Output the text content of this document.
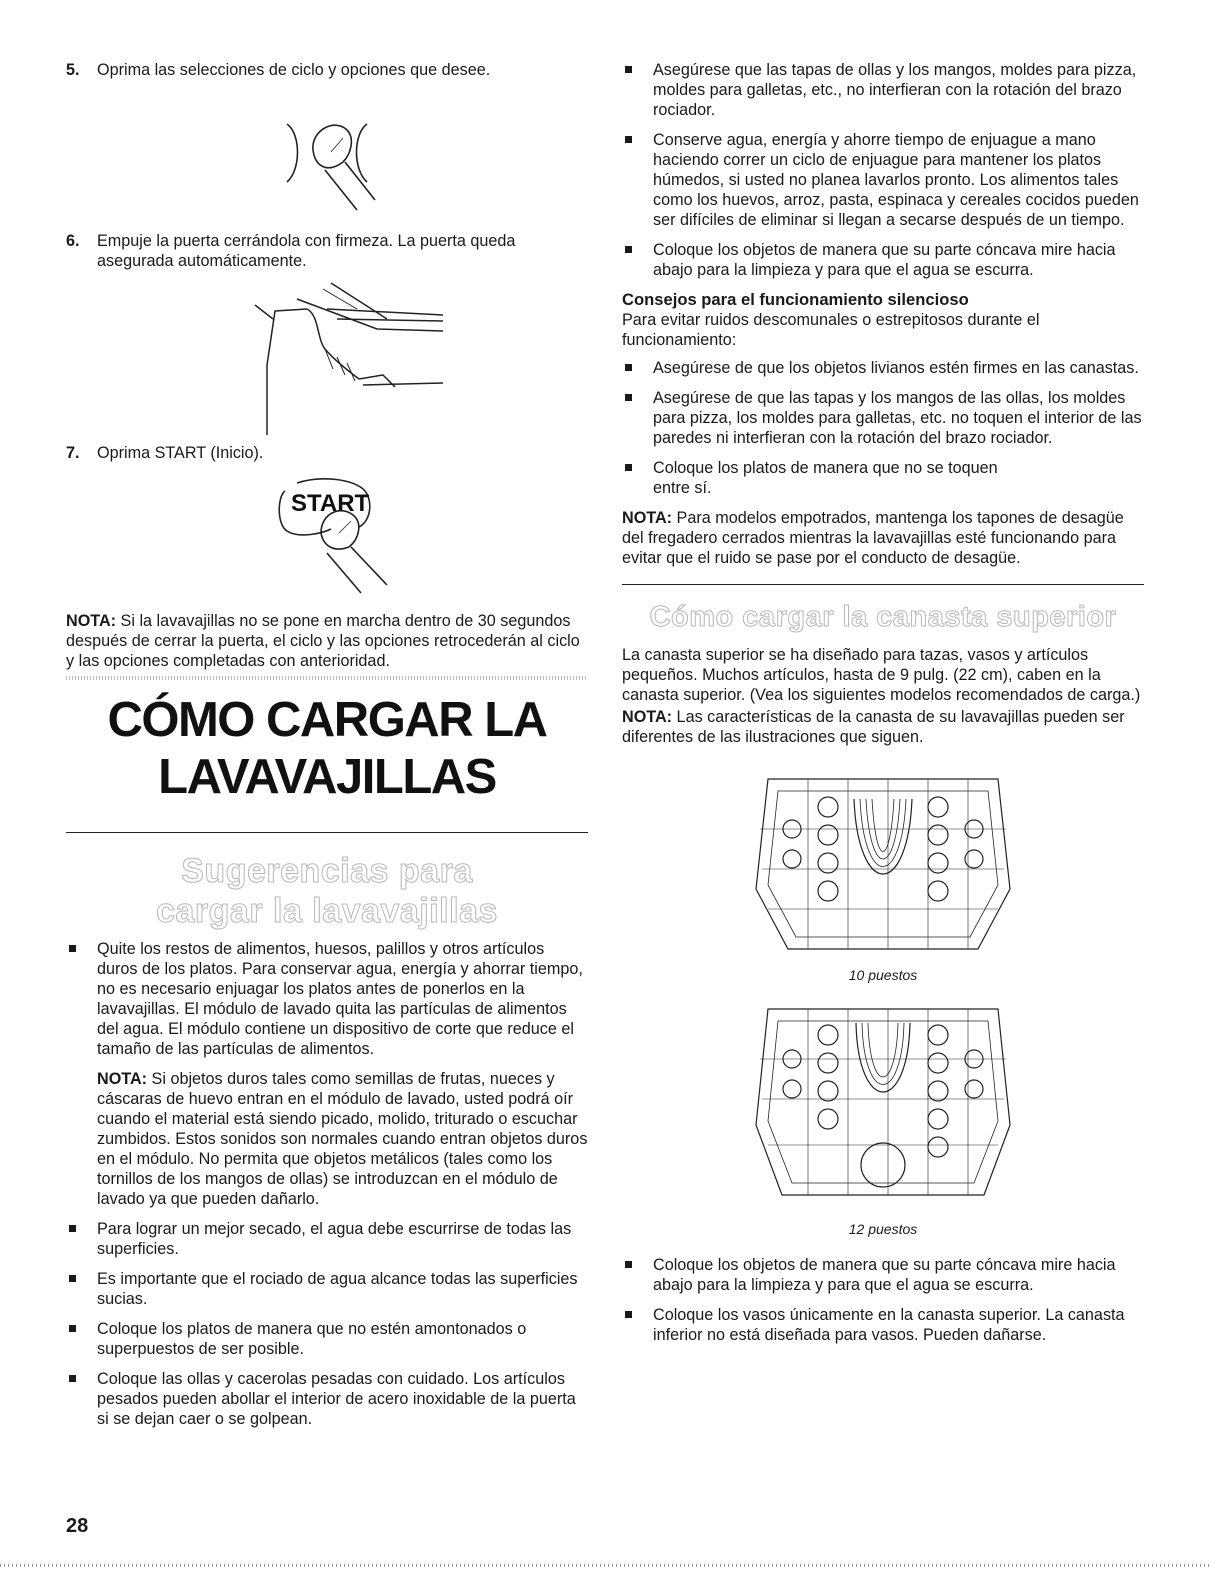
5. Oprima las selecciones de ciclo y opciones que desee.

6. Empuje la puerta cerrándola con firmeza. La puerta queda asegurada automáticamente.

7. Oprima START (Inicio).

START

NOTA: Si la lavavajillas no se pone en marcha dentro de 30 segundos después de cerrar la puerta, el ciclo y las opciones retrocederán al ciclo y las opciones completadas con anterioridad.

CÓMO CARGAR LA

LAVAVAJILLAS

Sugerencias para
cargar la lavavajillas

Quite los restos de alimentos, huesos, palillos y otros artículos duros de los platos. Para conservar agua, energía y ahorrar tiempo, no es necesario enjuagar los platos antes de ponerlos en la lavavajillas. El módulo de lavado quita las partículas de alimentos del agua. El módulo contiene un dispositivo de corte que reduce el tamaño de las partículas de alimentos.

NOTA: Si objetos duros tales como semillas de frutas, nueces y cáscaras de huevo entran en el módulo de lavado, usted podrá oír cuando el material está siendo picado, molido, triturado o escuchar zumbidos. Estos sonidos son normales cuando entran objetos duros en el módulo. No permita que objetos metálicos (tales como los tornillos de los mangos de ollas) se introduzcan en el módulo de lavado ya que pueden dañarlo.

Para lograr un mejor secado, el agua debe escurrirse de todas las superficies.

Es importante que el rociado de agua alcance todas las superficies sucias.

Coloque los platos de manera que no estén amontonados o superpuestos de ser posible.

Coloque las ollas y cacerolas pesadas con cuidado. Los artículos pesados pueden abollar el interior de acero inoxidable de la puerta si se dejan caer o se golpean.

Asegúrese que las tapas de ollas y los mangos, moldes para pizza, moldes para galletas, etc., no interfieran con la rotación del brazo rociador.

Conserve agua, energía y ahorre tiempo de enjuague a mano haciendo correr un ciclo de enjuague para mantener los platos húmedos, si usted no planea lavarlos pronto. Los alimentos tales como los huevos, arroz, pasta, espinaca y cereales cocidos pueden ser difíciles de eliminar si llegan a secarse después de un tiempo.

Coloque los objetos de manera que su parte cóncava mire hacia abajo para la limpieza y para que el agua se escurra.

Consejos para el funcionamiento silencioso

Para evitar ruidos descomunales o estrepitosos durante el funcionamiento:

Asegúrese de que los objetos livianos estén firmes en las canastas.

Asegúrese de que las tapas y los mangos de las ollas, los moldes para pizza, los moldes para galletas, etc. no toquen el interior de las paredes ni interfieran con la rotación del brazo rociador.

Coloque los platos de manera que no se toquen
entre sí.

NOTA: Para modelos empotrados, mantenga los tapones de desagüe del fregadero cerrados mientras la lavavajillas esté funcionando para evitar que el ruido se pase por el conducto de desagüe.

Cómo cargar la canasta superior

La canasta superior se ha diseñado para tazas, vasos y artículos pequeños. Muchos artículos, hasta de 9 pulg. (22 cm), caben en la canasta superior. (Vea los siguientes modelos recomendados de carga.)

NOTA: Las características de la canasta de su lavavajillas pueden ser diferentes de las ilustraciones que siguen.

10 puestos

12 puestos

Coloque los objetos de manera que su parte cóncava mire hacia abajo para la limpieza y para que el agua se escurra.

Coloque los vasos únicamente en la canasta superior. La canasta inferior no está diseñada para vasos. Pueden dañarse.

28
